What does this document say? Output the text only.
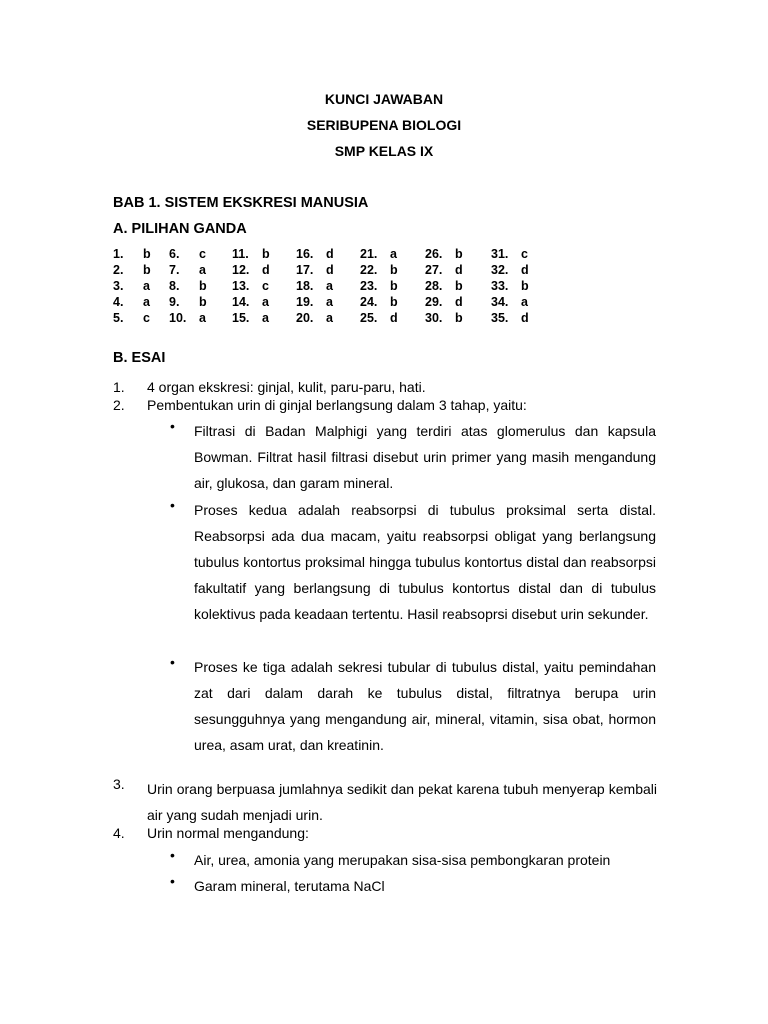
KUNCI JAWABAN
SERIBUPENA BIOLOGI
SMP KELAS IX
BAB 1. SISTEM EKSKRESI MANUSIA
A. PILIHAN GANDA
1. b 6. c 11. b 16. d 21. a 26. b 31. c
2. b 7. a 12. d 17. d 22. b 27. d 32. d
3. a 8. b 13. c 18. a 23. b 28. b 33. b
4. a 9. b 14. a 19. a 24. b 29. d 34. a
5. c 10. a 15. a 20. a 25. d 30. b 35. d
B. ESAI
1. 4 organ ekskresi: ginjal, kulit, paru-paru, hati.
2. Pembentukan urin di ginjal berlangsung dalam 3 tahap, yaitu:
• Filtrasi di Badan Malphigi yang terdiri atas glomerulus dan kapsula Bowman. Filtrat hasil filtrasi disebut urin primer yang masih mengandung air, glukosa, dan garam mineral.
• Proses kedua adalah reabsorpsi di tubulus proksimal serta distal. Reabsorpsi ada dua macam, yaitu reabsorpsi obligat yang berlangsung tubulus kontortus proksimal hingga tubulus kontortus distal dan reabsorpsi fakultatif yang berlangsung di tubulus kontortus distal dan di tubulus kolektivus pada keadaan tertentu. Hasil reabsoprsi disebut urin sekunder.
• Proses ke tiga adalah sekresi tubular di tubulus distal, yaitu pemindahan zat dari dalam darah ke tubulus distal, filtratnya berupa urin sesungguhnya yang mengandung air, mineral, vitamin, sisa obat, hormon urea, asam urat, dan kreatinin.
3. Urin orang berpuasa jumlahnya sedikit dan pekat karena tubuh menyerap kembali air yang sudah menjadi urin.
4. Urin normal mengandung:
• Air, urea, amonia yang merupakan sisa-sisa pembongkaran protein
• Garam mineral, terutama NaCl
